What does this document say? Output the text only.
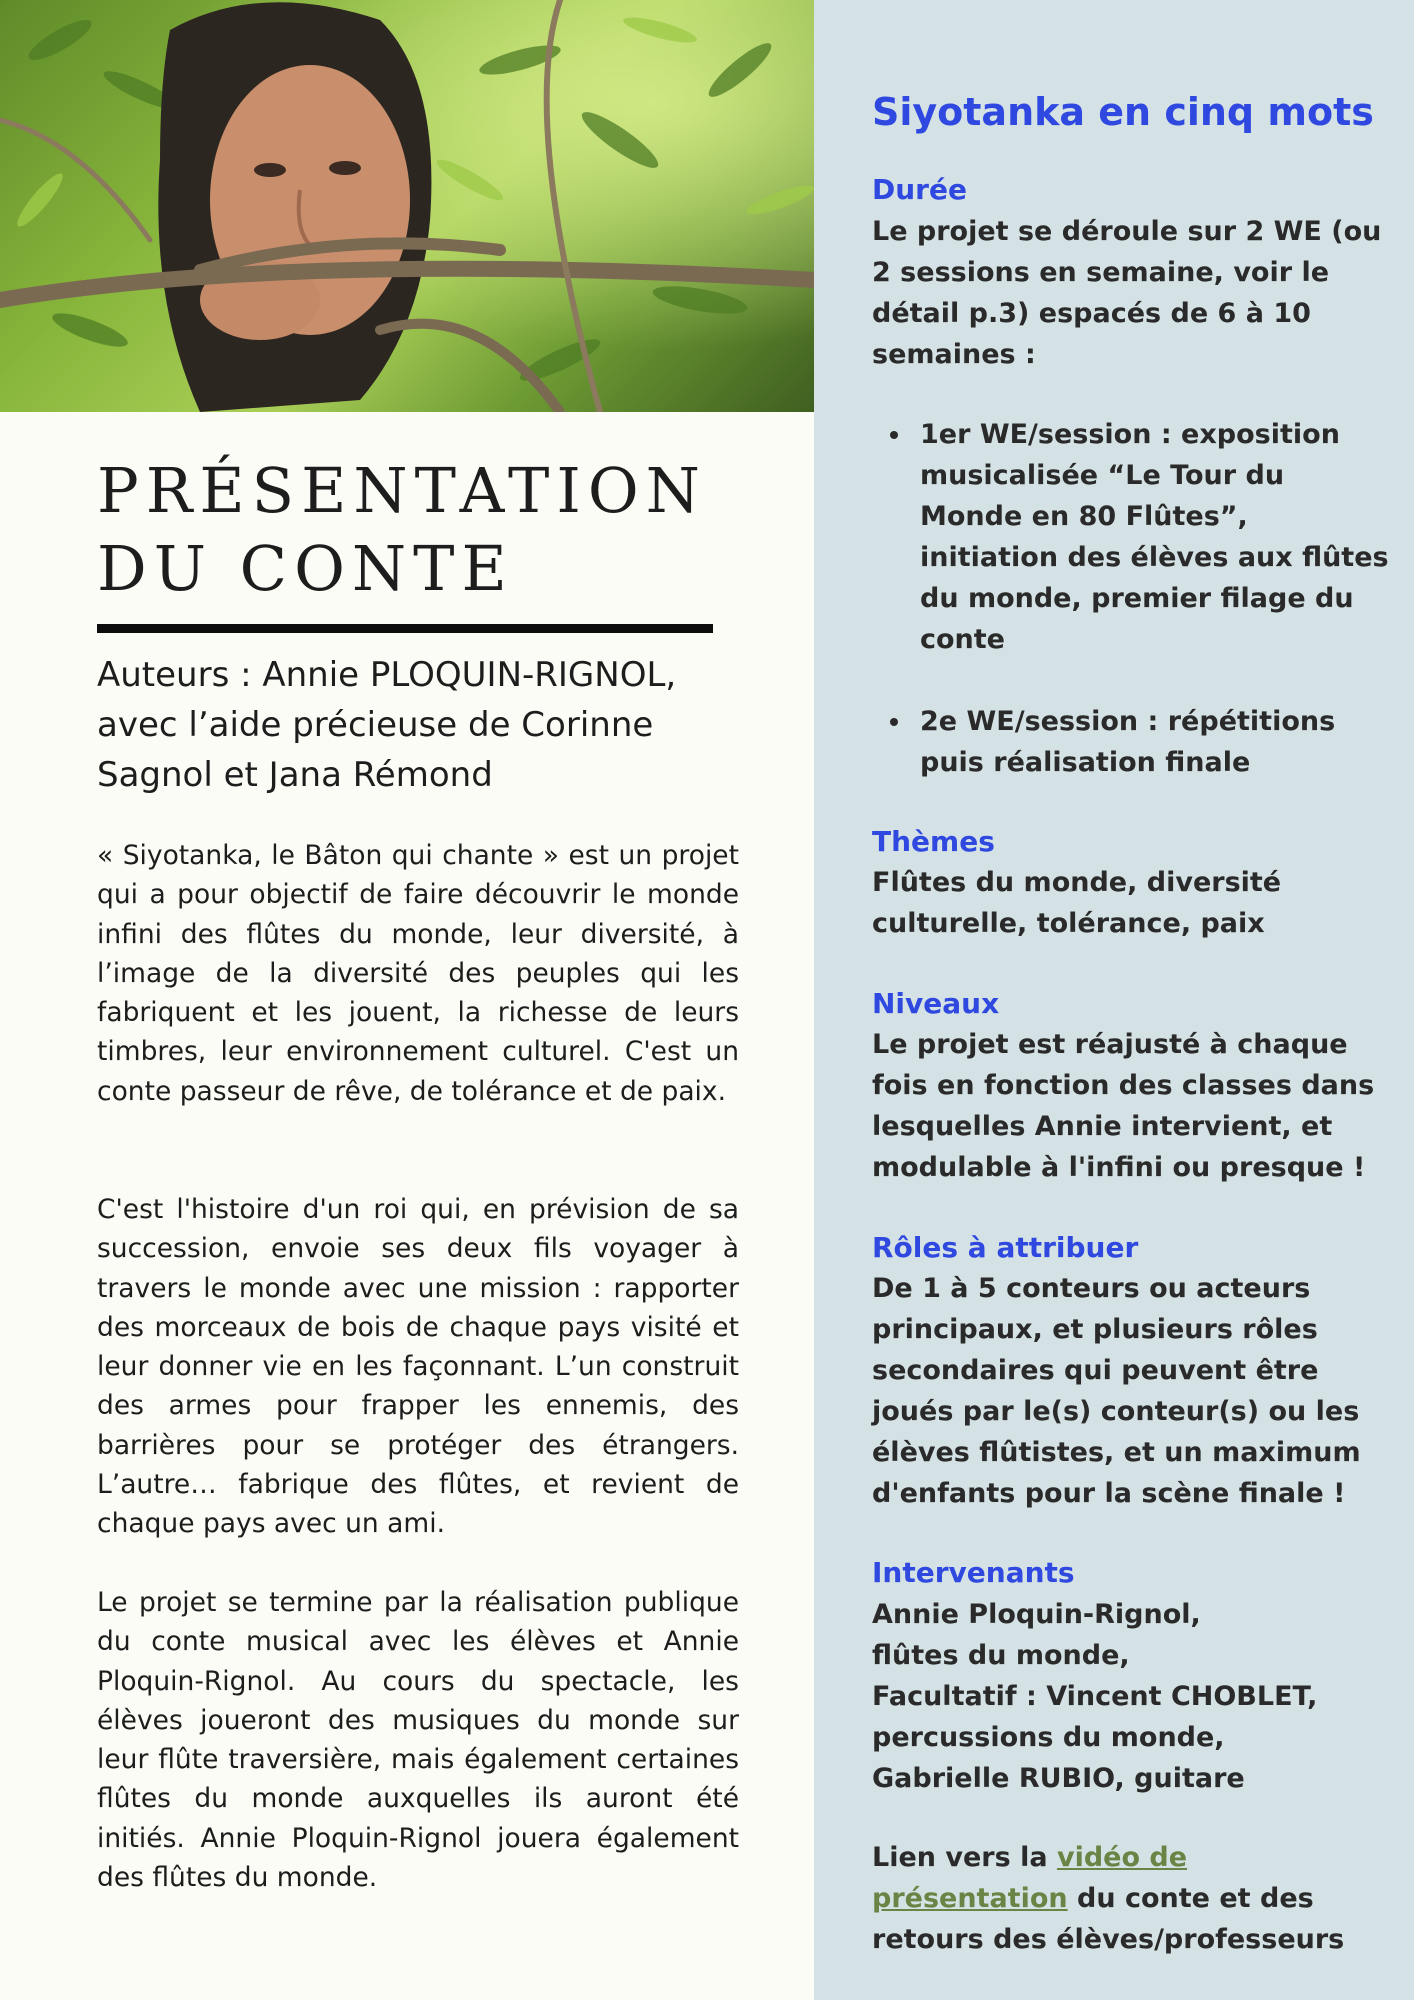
PRÉSENTATION
DU CONTE

Auteurs : Annie PLOQUIN-RIGNOL, avec l’aide précieuse de Corinne Sagnol et Jana Rémond

« Siyotanka, le Bâton qui chante » est un projet qui a pour objectif de faire découvrir le monde infini des flûtes du monde, leur diversité, à l’image de la diversité des peuples qui les fabriquent et les jouent, la richesse de leurs timbres, leur environnement culturel. C'est un conte passeur de rêve, de tolérance et de paix.

C'est l'histoire d'un roi qui, en prévision de sa succession, envoie ses deux fils voyager à travers le monde avec une mission : rapporter des morceaux de bois de chaque pays visité et leur donner vie en les façonnant. L’un construit des armes pour frapper les ennemis, des barrières pour se protéger des étrangers. L’autre… fabrique des flûtes, et revient de chaque pays avec un ami.

Le projet se termine par la réalisation publique du conte musical avec les élèves et Annie Ploquin-Rignol. Au cours du spectacle, les élèves joueront des musiques du monde sur leur flûte traversière, mais également certaines flûtes du monde auxquelles ils auront été initiés. Annie Ploquin-Rignol jouera également des flûtes du monde.

Siyotanka en cinq mots
Durée

Le projet se déroule sur 2 WE (ou 2 sessions en semaine, voir le détail p.3) espacés de 6 à 10 semaines :

1er WE/session : exposition musicalisée “Le Tour du Monde en 80 Flûtes”, initiation des élèves aux flûtes du monde, premier filage du conte
2e WE/session : répétitions puis réalisation finale
Thèmes

Flûtes du monde, diversité culturelle, tolérance, paix

Niveaux

Le projet est réajusté à chaque fois en fonction des classes dans lesquelles Annie intervient, et modulable à l'infini ou presque !

Rôles à attribuer

De 1 à 5 conteurs ou acteurs principaux, et plusieurs rôles secondaires qui peuvent être joués par le(s) conteur(s) ou les élèves flûtistes, et un maximum d'enfants pour la scène finale !

Intervenants
Annie Ploquin-Rignol,
flûtes du monde,
Facultatif : Vincent CHOBLET,
percussions du monde,
Gabrielle RUBIO, guitare

Lien vers la vidéo de présentation du conte et des retours des élèves/professeurs
